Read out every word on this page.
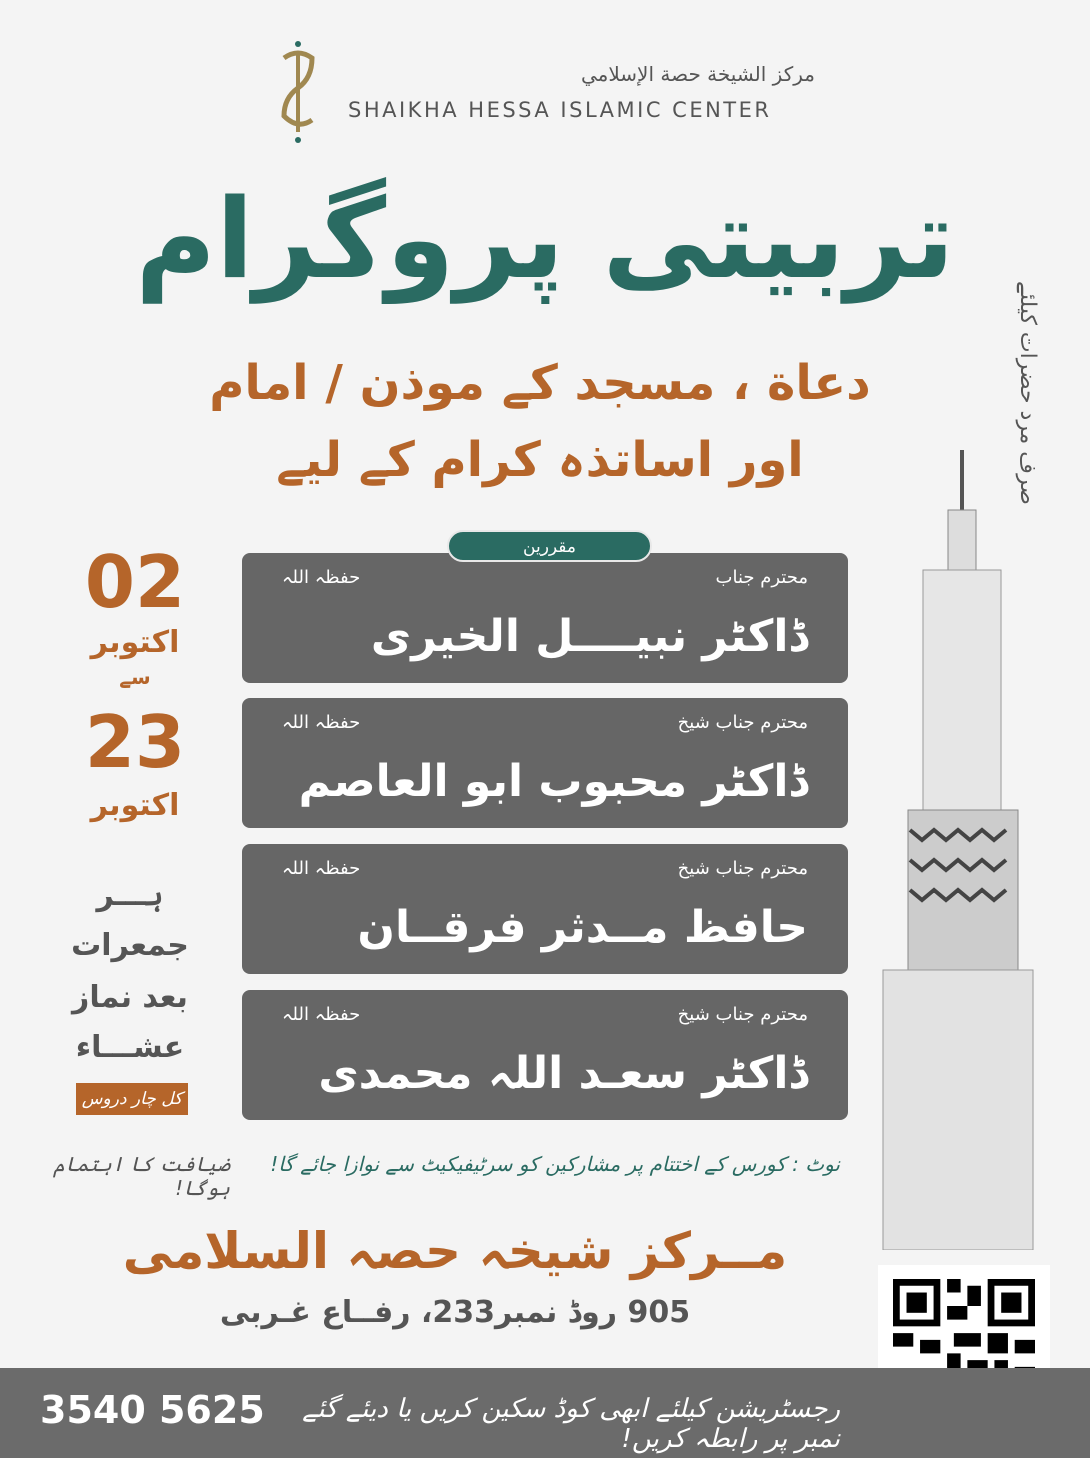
مركز الشيخة حصة الإسلامي
SHAIKHA HESSA ISLAMIC CENTER
تربیتی پروگرام
دعاة ، مسجد کے موذن / امام
اور اساتذہ کرام کے لیے	صرف مرد حضرات کیلئے
مقررین
محترم جناب
حفظہ اللہ
ڈاکٹر نبیــــل الخیری
محترم جناب شیخ
حفظہ اللہ
ڈاکٹر محبوب ابو العاصم
محترم جناب شیخ
حفظہ اللہ
حافظ مــدثر فرقــان
محترم جناب شیخ
حفظہ اللہ
ڈاکٹر سعـد اللہ محمدی
02
اکتوبر
سے
23
اکتوبر
ہـــر
جمعرات
بعد نماز
عشـــاء
کل چار دروس
نوٹ : کورس کے اختتام پر مشارکین کو سرٹیفیکیٹ سے نوازا جائے گا!
ضیافت کا اہتمام ہوگا!
مــرکز شیخہ حصہ السلامی
905 روڈ نمبر233، رفــاع غـربی
3540 5625	رجسٹریشن کیلئے ابھی کوڈ سکین کریں یا دیئے گئے نمبر پر رابطہ کریں!
